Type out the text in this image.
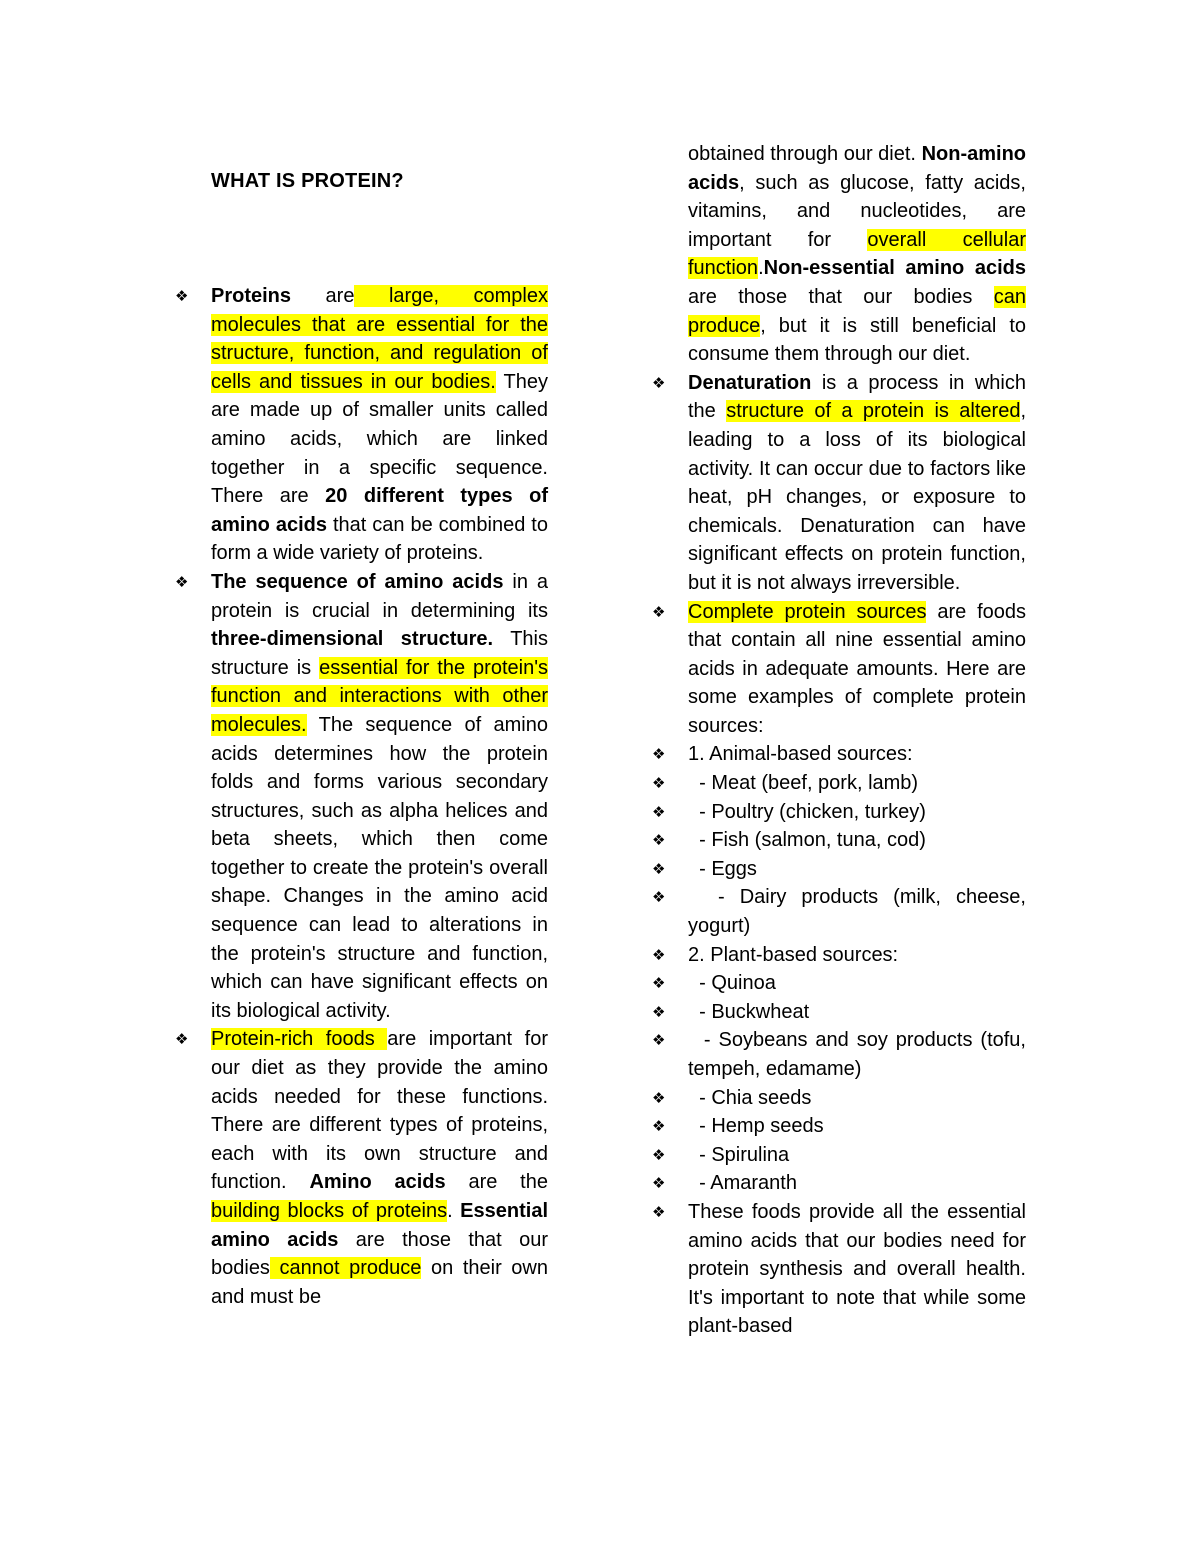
WHAT IS PROTEIN?

❖ Proteins are large, complex molecules that are essential for the structure, function, and regulation of cells and tissues in our bodies. They are made up of smaller units called amino acids, which are linked together in a specific sequence. There are 20 different types of amino acids that can be combined to form a wide variety of proteins.

❖ The sequence of amino acids in a protein is crucial in determining its three-dimensional structure. This structure is essential for the protein's function and interactions with other molecules. The sequence of amino acids determines how the protein folds and forms various secondary structures, such as alpha helices and beta sheets, which then come together to create the protein's overall shape. Changes in the amino acid sequence can lead to alterations in the protein's structure and function, which can have significant effects on its biological activity.

❖ Protein-rich foods are important for our diet as they provide the amino acids needed for these functions. There are different types of proteins, each with its own structure and function. Amino acids are the building blocks of proteins. Essential amino acids are those that our bodies cannot produce on their own and must be

obtained through our diet. Non-amino acids, such as glucose, fatty acids, vitamins, and nucleotides, are important for overall cellular function.Non-essential amino acids are those that our bodies can produce, but it is still beneficial to consume them through our diet.

❖ Denaturation is a process in which the structure of a protein is altered, leading to a loss of its biological activity. It can occur due to factors like heat, pH changes, or exposure to chemicals. Denaturation can have significant effects on protein function, but it is not always irreversible.

❖ Complete protein sources are foods that contain all nine essential amino acids in adequate amounts. Here are some examples of complete protein sources:

❖ 1. Animal-based sources:

❖ - Meat (beef, pork, lamb)

❖ - Poultry (chicken, turkey)

❖ - Fish (salmon, tuna, cod)

❖ - Eggs

❖ - Dairy products (milk, cheese, yogurt)

❖ 2. Plant-based sources:

❖ - Quinoa

❖ - Buckwheat

❖ - Soybeans and soy products (tofu, tempeh, edamame)

❖ - Chia seeds

❖ - Hemp seeds

❖ - Spirulina

❖ - Amaranth

❖ These foods provide all the essential amino acids that our bodies need for protein synthesis and overall health. It's important to note that while some plant-based
